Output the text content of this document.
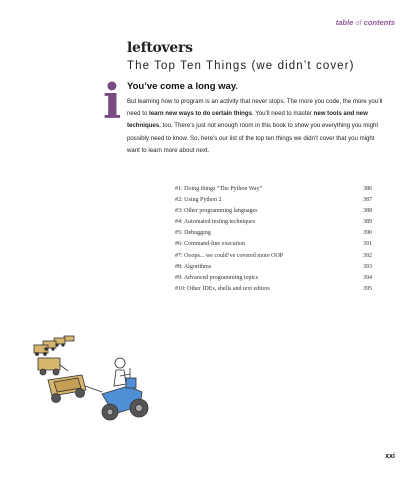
table of contents
leftovers
The Top Ten Things (we didn’t cover)
i You’ve come a long way.

But learning how to program is an activity that never stops. The more you code, the more you’ll need to learn new ways to do certain things. You’ll need to master new tools and new techniques, too. There’s just not enough room in this book to show you everything you might possibly need to know. So, here’s our list of the top ten things we didn’t cover that you might want to learn more about next.

#1: Doing things “The Python Way”	386
#2: Using Python 2	387
#3: Other programming languages	388
#4: Automated testing techniques	389
#5: Debugging	390
#6: Command-line execution	391
#7: Ooops... we could’ve covered more OOP	392
#8: Algorithms	393
#9: Advanced programming topics	394
#10: Other IDEs, shells and text editors	395
xxi
